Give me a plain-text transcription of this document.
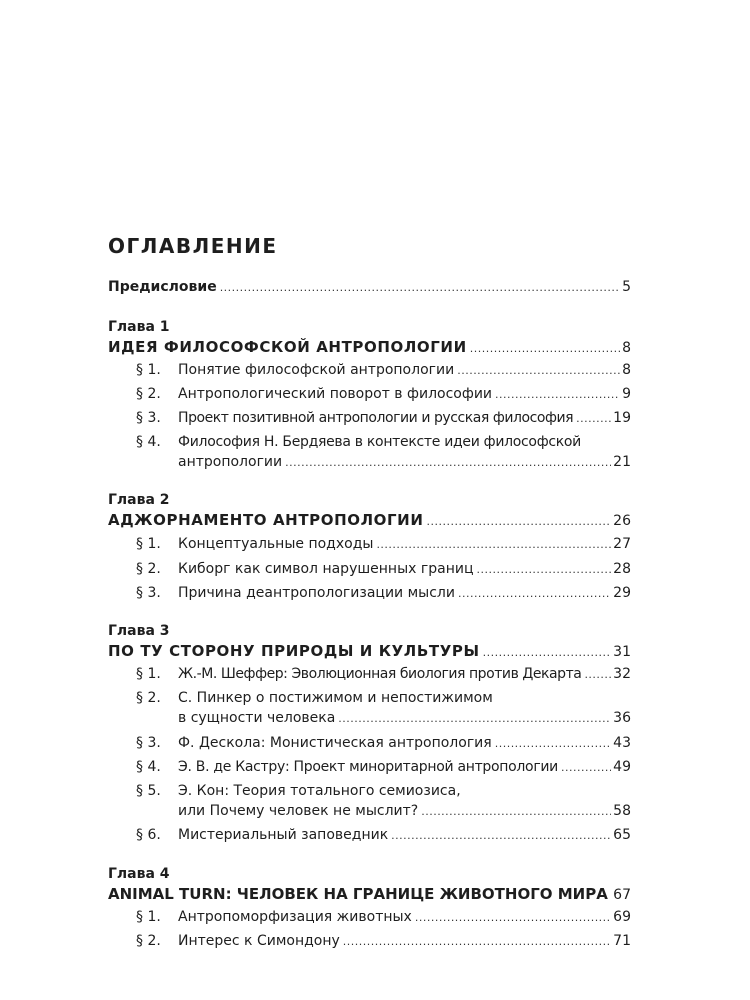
ОГЛАВЛЕНИЕ
Предисловие .....	5
Глава 1
ИДЕЯ ФИЛОСОФСКОЙ АНТРОПОЛОГИИ .....	8
§ 1.	Понятие философской антропологии .....	8
§ 2.	Антропологический поворот в философии .....	9
§ 3.	Проект позитивной антропологии и русская философия .....	19
§ 4.	Философия Н. Бердяева в контексте идеи философской
антропологии .....	21
Глава 2
АДЖОРНАМЕНТО АНТРОПОЛОГИИ .....	26
§ 1.	Концептуальные подходы .....	27
§ 2.	Киборг как символ нарушенных границ .....	28
§ 3.	Причина деантропологизации мысли .....	29
Глава 3
ПО ТУ СТОРОНУ ПРИРОДЫ И КУЛЬТУРЫ .....	31
§ 1.	Ж.-М. Шеффер: Эволюционная биология против Декарта ..... 32
§ 2.	С. Пинкер о постижимом и непостижимом
в сущности человека .....	36
§ 3.	Ф. Дескола: Монистическая антропология .....	43
§ 4.	Э. В. де Кастру: Проект миноритарной антропологии .....	49
§ 5.	Э. Кон: Теория тотального семиозиса,
или Почему человек не мыслит? .....	58
§ 6.	Мистериальный заповедник .....	65
Глава 4
ANIMAL TURN: ЧЕЛОВЕК НА ГРАНИЦЕ ЖИВОТНОГО МИРА ..... 67
§ 1.	Антропоморфизация животных .....	69
§ 2.	Интерес к Симондону .....	71
